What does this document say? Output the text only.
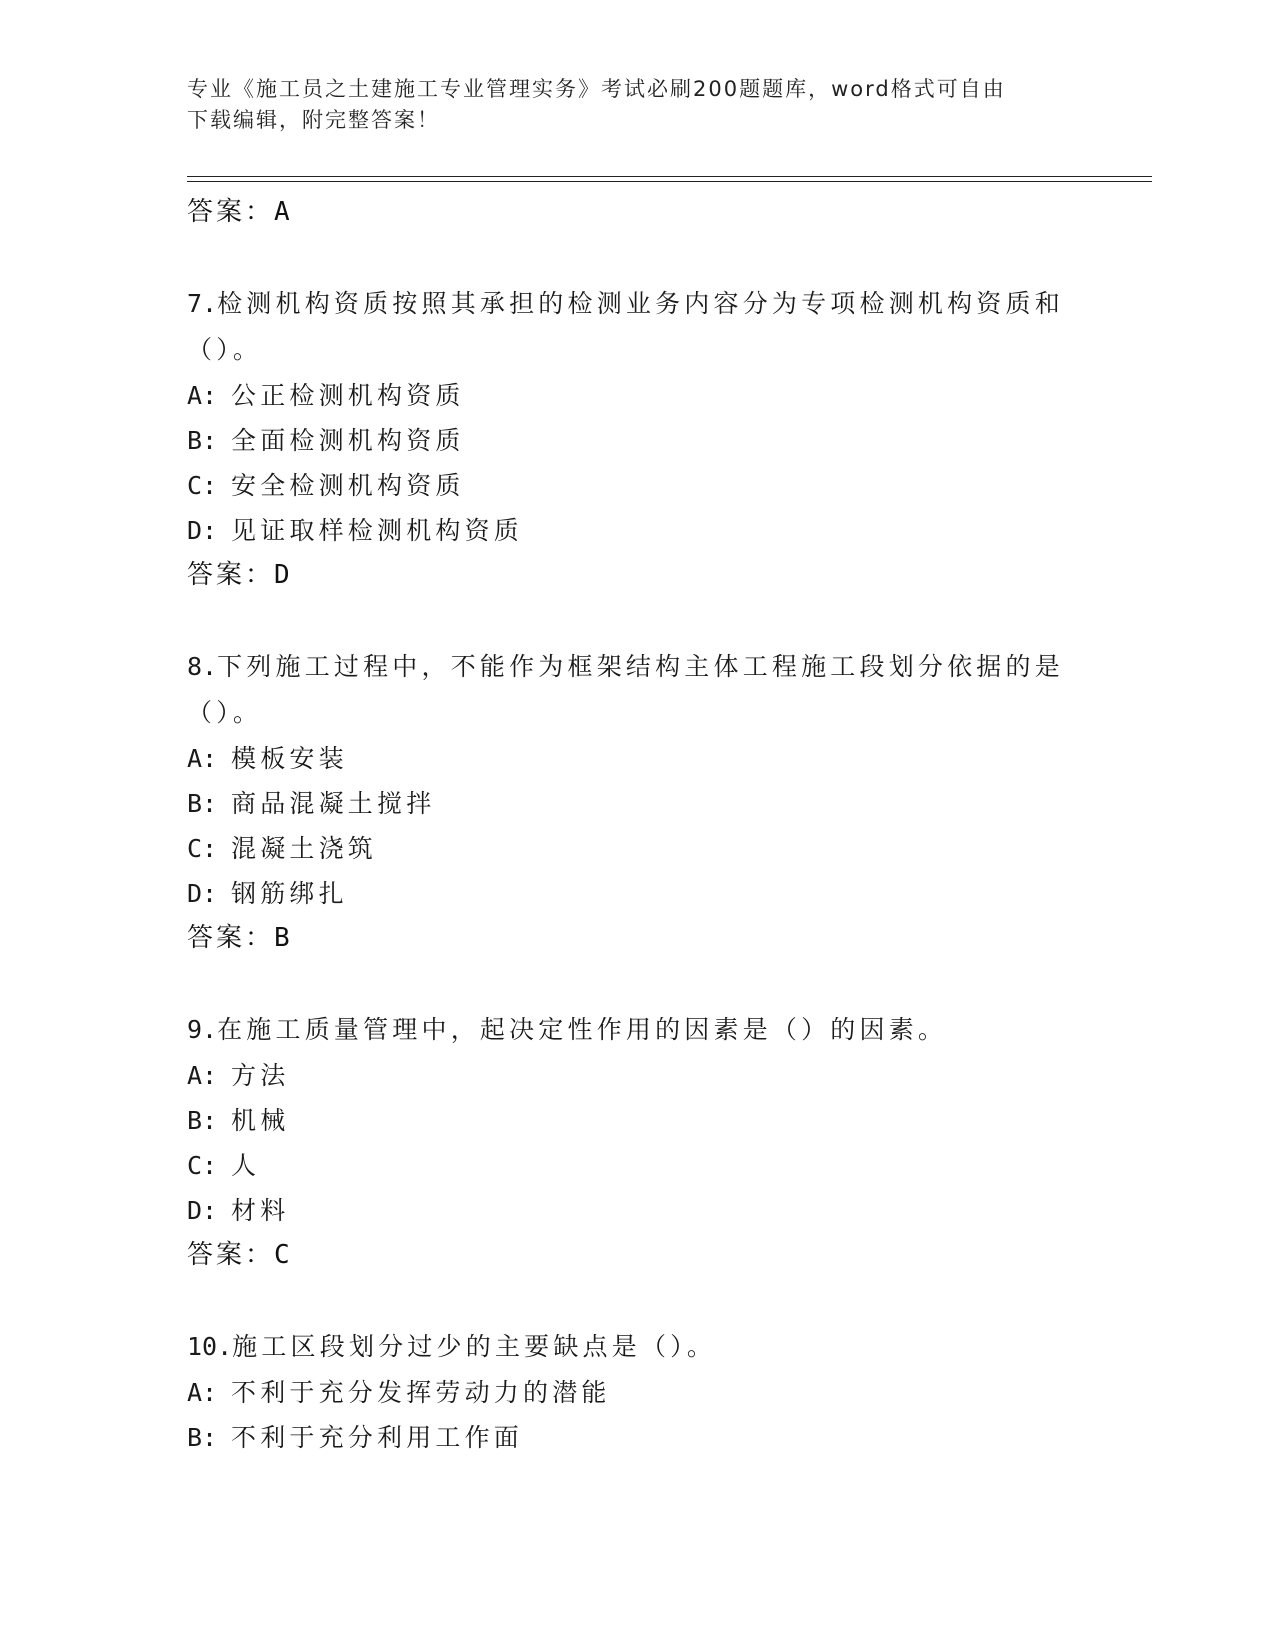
专业《施工员之土建施工专业管理实务》考试必刷200题题库，word格式可自由
下载编辑，附完整答案！
答案：A
7.检测机构资质按照其承担的检测业务内容分为专项检测机构资质和
（）。
A: 公正检测机构资质
B: 全面检测机构资质
C: 安全检测机构资质
D: 见证取样检测机构资质
答案：D
8.下列施工过程中，不能作为框架结构主体工程施工段划分依据的是
（）。
A: 模板安装
B: 商品混凝土搅拌
C: 混凝土浇筑
D: 钢筋绑扎
答案：B
9.在施工质量管理中，起决定性作用的因素是（）的因素。
A: 方法
B: 机械
C: 人
D: 材料
答案：C
10.施工区段划分过少的主要缺点是（）。
A: 不利于充分发挥劳动力的潜能
B: 不利于充分利用工作面
